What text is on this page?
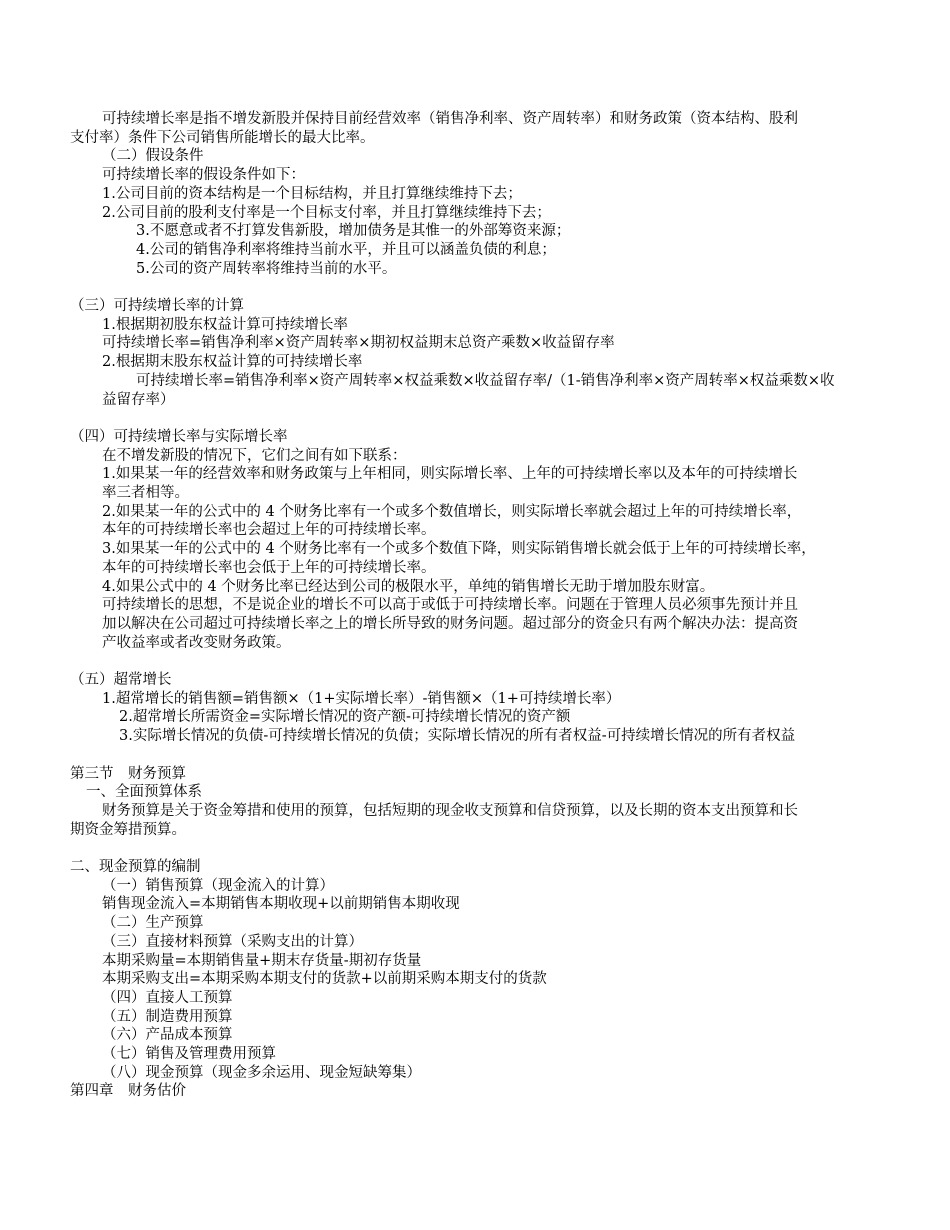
可持续增长率是指不增发新股并保持目前经营效率（销售净利率、资产周转率）和财务政策（资本结构、股利
支付率）条件下公司销售所能增长的最大比率。
（二）假设条件
可持续增长率的假设条件如下：
1.公司目前的资本结构是一个目标结构，并且打算继续维持下去；
2.公司目前的股利支付率是一个目标支付率，并且打算继续维持下去；
3.不愿意或者不打算发售新股，增加债务是其惟一的外部筹资来源；
4.公司的销售净利率将维持当前水平，并且可以涵盖负债的利息；
5.公司的资产周转率将维持当前的水平。
（三）可持续增长率的计算
1.根据期初股东权益计算可持续增长率
可持续增长率=销售净利率×资产周转率×期初权益期末总资产乘数×收益留存率
2.根据期末股东权益计算的可持续增长率
可持续增长率=销售净利率×资产周转率×权益乘数×收益留存率/（1-销售净利率×资产周转率×权益乘数×收
益留存率）
（四）可持续增长率与实际增长率
在不增发新股的情况下，它们之间有如下联系：
1.如果某一年的经营效率和财务政策与上年相同，则实际增长率、上年的可持续增长率以及本年的可持续增长
率三者相等。
2.如果某一年的公式中的 4 个财务比率有一个或多个数值增长，则实际增长率就会超过上年的可持续增长率，
本年的可持续增长率也会超过上年的可持续增长率。
3.如果某一年的公式中的 4 个财务比率有一个或多个数值下降，则实际销售增长就会低于上年的可持续增长率，
本年的可持续增长率也会低于上年的可持续增长率。
4.如果公式中的 4 个财务比率已经达到公司的极限水平，单纯的销售增长无助于增加股东财富。
可持续增长的思想，不是说企业的增长不可以高于或低于可持续增长率。问题在于管理人员必须事先预计并且
加以解决在公司超过可持续增长率之上的增长所导致的财务问题。超过部分的资金只有两个解决办法：提高资
产收益率或者改变财务政策。
（五）超常增长
1.超常增长的销售额=销售额×（1+实际增长率）-销售额×（1+可持续增长率）
2.超常增长所需资金=实际增长情况的资产额-可持续增长情况的资产额
3.实际增长情况的负债-可持续增长情况的负债；实际增长情况的所有者权益-可持续增长情况的所有者权益
第三节　财务预算
一、全面预算体系
财务预算是关于资金筹措和使用的预算，包括短期的现金收支预算和信贷预算，以及长期的资本支出预算和长
期资金筹措预算。
二、现金预算的编制
（一）销售预算（现金流入的计算）
销售现金流入=本期销售本期收现+以前期销售本期收现
（二）生产预算
（三）直接材料预算（采购支出的计算）
本期采购量=本期销售量+期末存货量-期初存货量
本期采购支出=本期采购本期支付的货款+以前期采购本期支付的货款
（四）直接人工预算
（五）制造费用预算
（六）产品成本预算
（七）销售及管理费用预算
（八）现金预算（现金多余运用、现金短缺筹集）
第四章　财务估价
